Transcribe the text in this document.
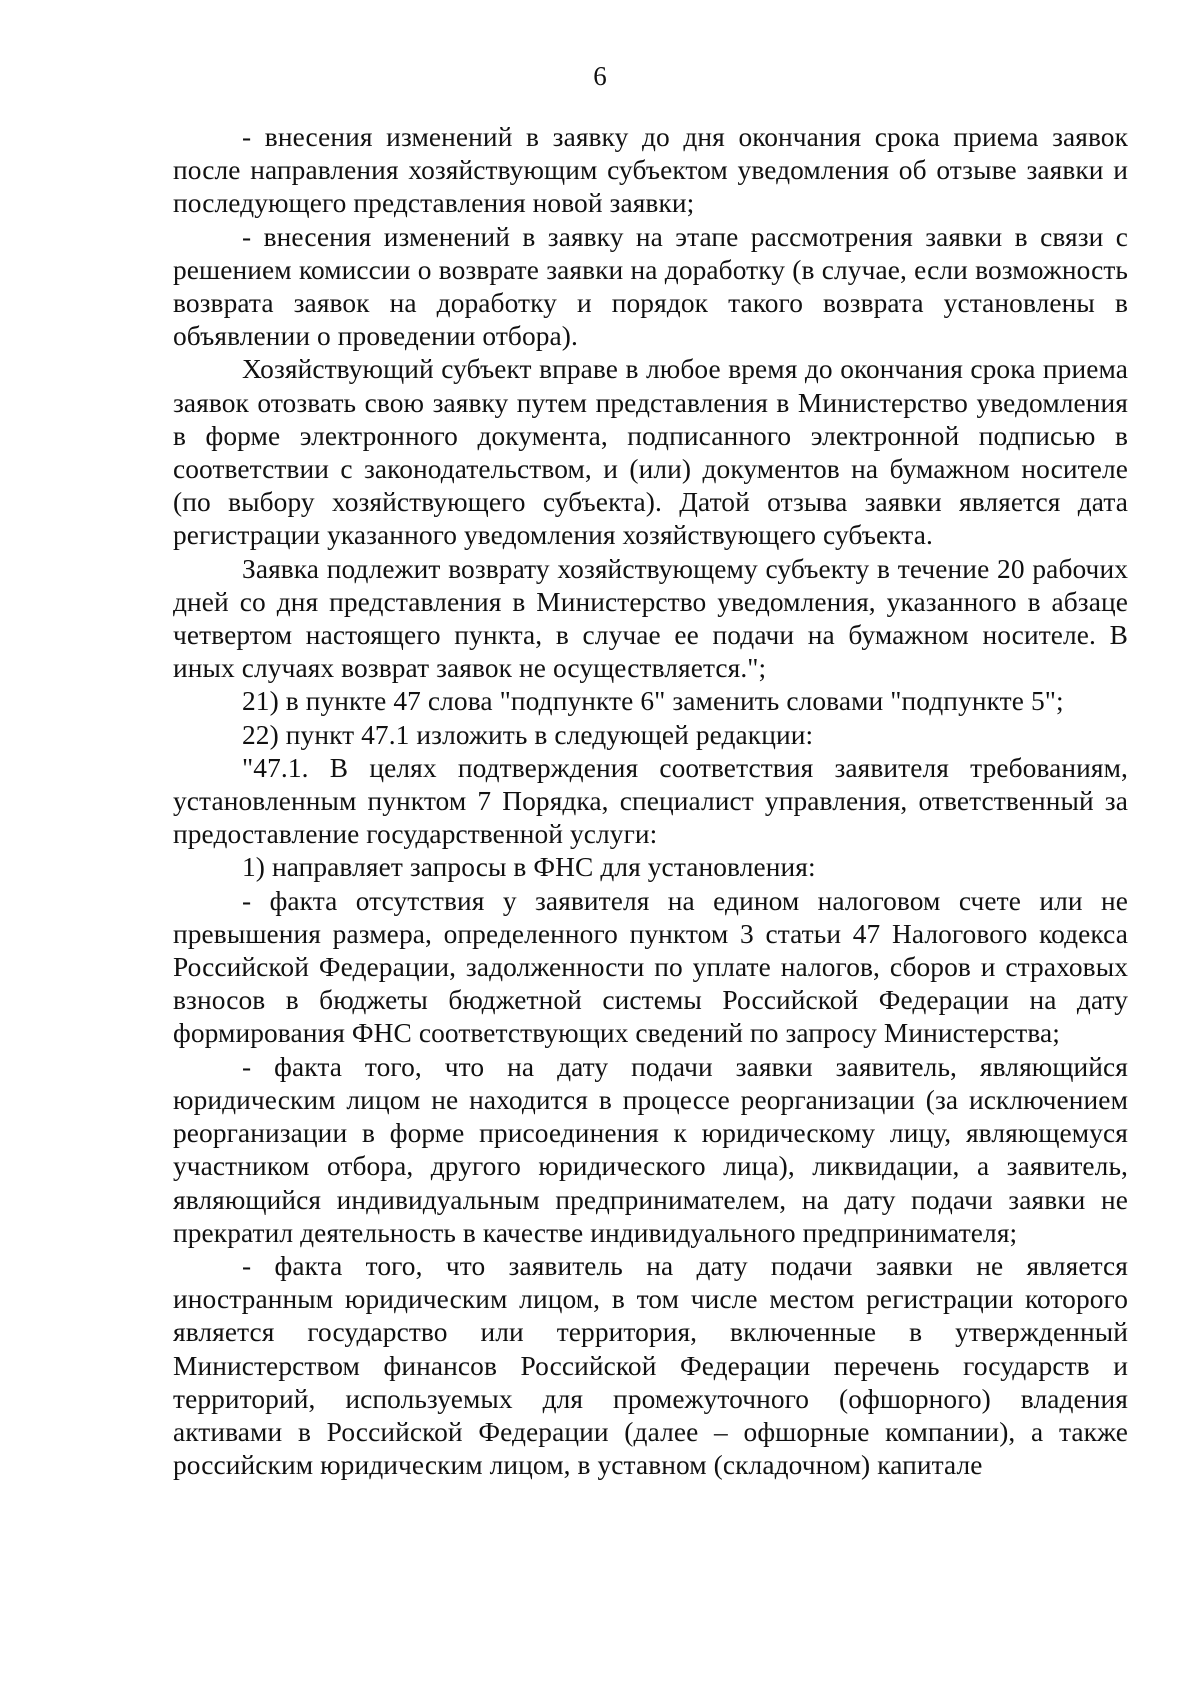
6

- внесения изменений в заявку до дня окончания срока приема заявок после направления хозяйствующим субъектом уведомления об отзыве заявки и последующего представления новой заявки;

- внесения изменений в заявку на этапе рассмотрения заявки в связи с решением комиссии о возврате заявки на доработку (в случае, если возможность возврата заявок на доработку и порядок такого возврата установлены в объявлении о проведении отбора).

Хозяйствующий субъект вправе в любое время до окончания срока приема заявок отозвать свою заявку путем представления в Министерство уведомления в форме электронного документа, подписанного электронной подписью в соответствии с законодательством, и (или) документов на бумажном носителе (по выбору хозяйствующего субъекта). Датой отзыва заявки является дата регистрации указанного уведомления хозяйствующего субъекта.

Заявка подлежит возврату хозяйствующему субъекту в течение 20 рабочих дней со дня представления в Министерство уведомления, указанного в абзаце четвертом настоящего пункта, в случае ее подачи на бумажном носителе. В иных случаях возврат заявок не осуществляется.";

21) в пункте 47 слова "подпункте 6" заменить словами "подпункте 5";

22) пункт 47.1 изложить в следующей редакции:

"47.1. В целях подтверждения соответствия заявителя требованиям, установленным пунктом 7 Порядка, специалист управления, ответственный за предоставление государственной услуги:

1) направляет запросы в ФНС для установления:

- факта отсутствия у заявителя на едином налоговом счете или не превышения размера, определенного пунктом 3 статьи 47 Налогового кодекса Российской Федерации, задолженности по уплате налогов, сборов и страховых взносов в бюджеты бюджетной системы Российской Федерации на дату формирования ФНС соответствующих сведений по запросу Министерства;

- факта того, что на дату подачи заявки заявитель, являющийся юридическим лицом не находится в процессе реорганизации (за исключением реорганизации в форме присоединения к юридическому лицу, являющемуся участником отбора, другого юридического лица), ликвидации, а заявитель, являющийся индивидуальным предпринимателем, на дату подачи заявки не прекратил деятельность в качестве индивидуального предпринимателя;

- факта того, что заявитель на дату подачи заявки не является иностранным юридическим лицом, в том числе местом регистрации которого является государство или территория, включенные в утвержденный Министерством финансов Российской Федерации перечень государств и территорий, используемых для промежуточного (офшорного) владения активами в Российской Федерации (далее – офшорные компании), а также российским юридическим лицом, в уставном (складочном) капитале
